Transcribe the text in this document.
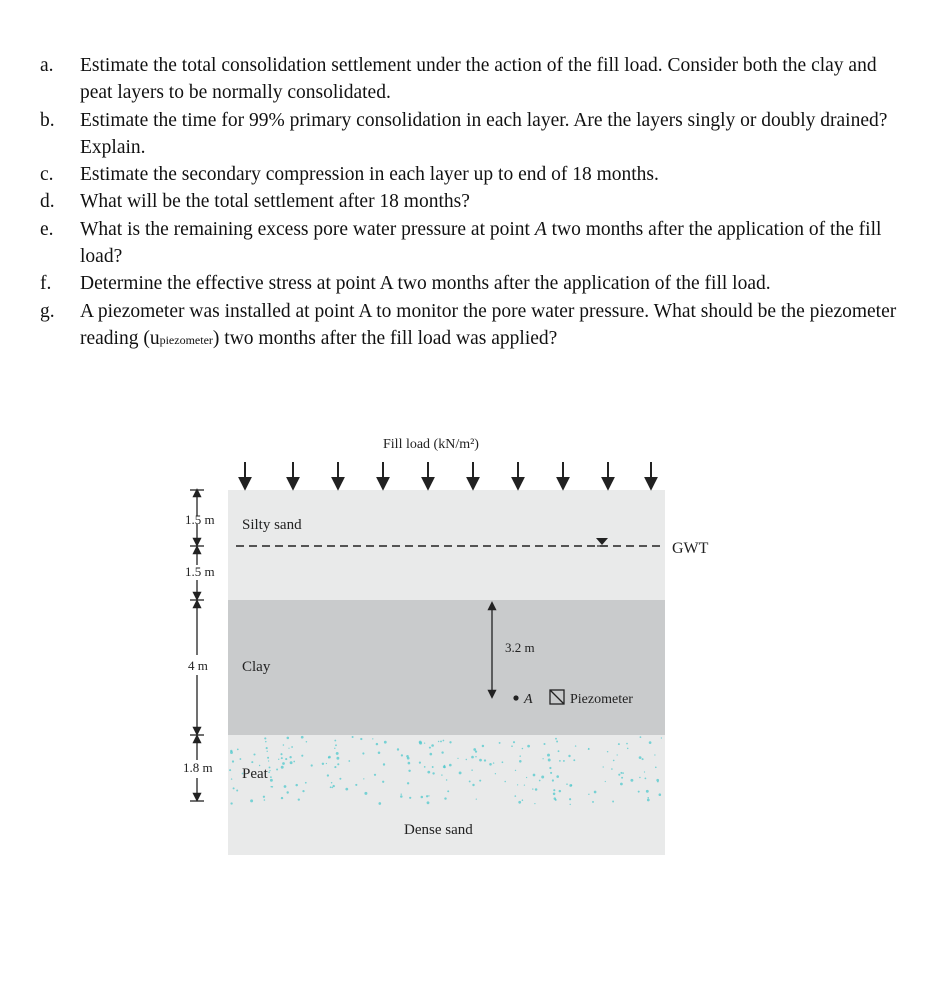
a.	Estimate the total consolidation settlement under the action of the fill load. Consider both the clay and peat layers to be normally consolidated.
b.	Estimate the time for 99% primary consolidation in each layer. Are the layers singly or doubly drained? Explain.
c.	Estimate the secondary compression in each layer up to end of 18 months.
d.	What will be the total settlement after 18 months?
e.	What is the remaining excess pore water pressure at point A two months after the application of the fill load?
f.	Determine the effective stress at point A two months after the application of the fill load.
g.	A piezometer was installed at point A to monitor the pore water pressure. What should be the piezometer reading (upiezometer) two months after the fill load was applied?
Fill load (kN/m²)
GWT
1.5 m
1.5 m
4 m
1.8 m
Silty sand
Clay
Peat
Dense sand
3.2 m
A	Piezometer
